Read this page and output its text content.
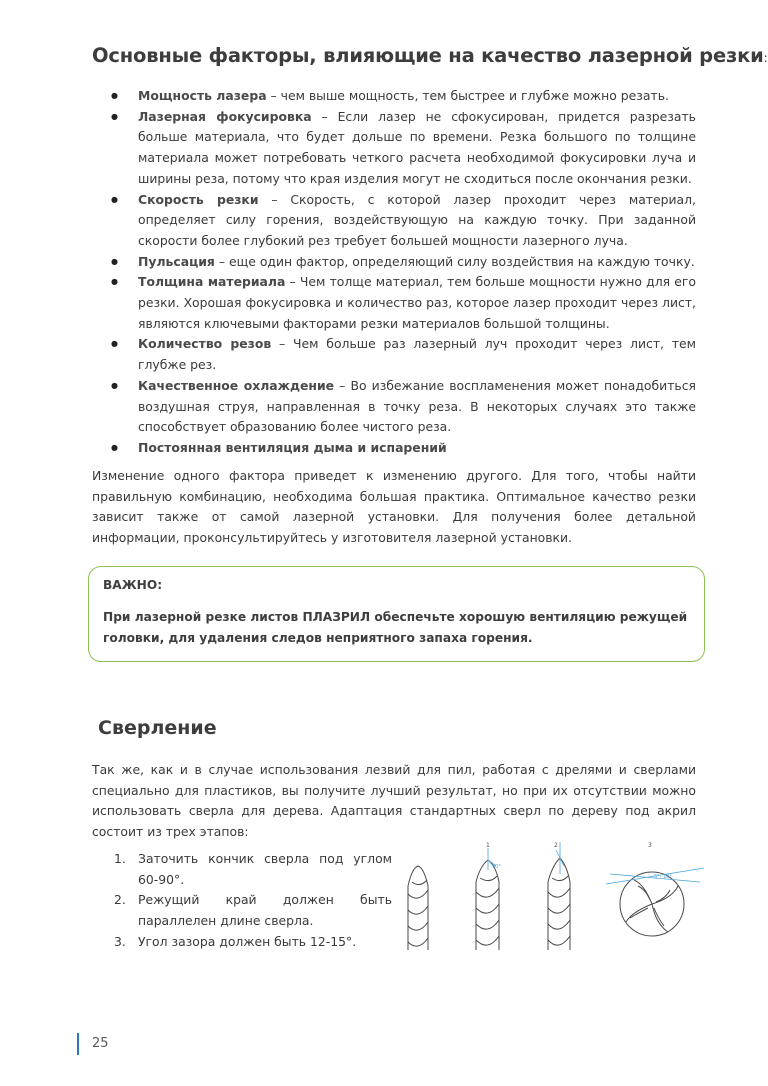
Основные факторы, влияющие на качество лазерной резки:
● Мощность лазера – чем выше мощность, тем быстрее и глубже можно резать.
● Лазерная фокусировка – Если лазер не сфокусирован, придется разрезать больше материала, что будет дольше по времени. Резка большого по толщине материала может потребовать четкого расчета необходимой фокусировки луча и ширины реза, потому что края изделия могут не сходиться после окончания резки.
● Скорость резки – Скорость, с которой лазер проходит через материал, определяет силу горения, воздействующую на каждую точку. При заданной скорости более глубокий рез требует большей мощности лазерного луча.
● Пульсация – еще один фактор, определяющий силу воздействия на каждую точку.
● Толщина материала – Чем толще материал, тем больше мощности нужно для его резки. Хорошая фокусировка и количество раз, которое лазер проходит через лист, являются ключевыми факторами резки материалов большой толщины.
● Количество резов – Чем больше раз лазерный луч проходит через лист, тем глубже рез.
● Качественное охлаждение – Во избежание воспламенения может понадобиться воздушная струя, направленная в точку реза. В некоторых случаях это также способствует образованию более чистого реза.
● Постоянная вентиляция дыма и испарений

Изменение одного фактора приведет к изменению другого. Для того, чтобы найти правильную комбинацию, необходима большая практика. Оптимальное качество резки зависит также от самой лазерной установки. Для получения более детальной информации, проконсультируйтесь у изготовителя лазерной установки.

ВАЖНО:
При лазерной резке листов ПЛАЗРИЛ обеспечьте хорошую вентиляцию режущей головки, для удаления следов неприятного запаха горения.
Сверление

Так же, как и в случае использования лезвий для пил, работая с дрелями и сверлами специально для пластиков, вы получите лучший результат, но при их отсутствии можно использовать сверла для дерева. Адаптация стандартных сверл по дереву под акрил состоит из трех этапов:

1. Заточить кончик сверла под углом 60-90°.
2. Режущий край должен быть параллелен длине сверла.
3. Угол зазора должен быть 12-15°.
1	2	3
90°
5°- 10°
25
